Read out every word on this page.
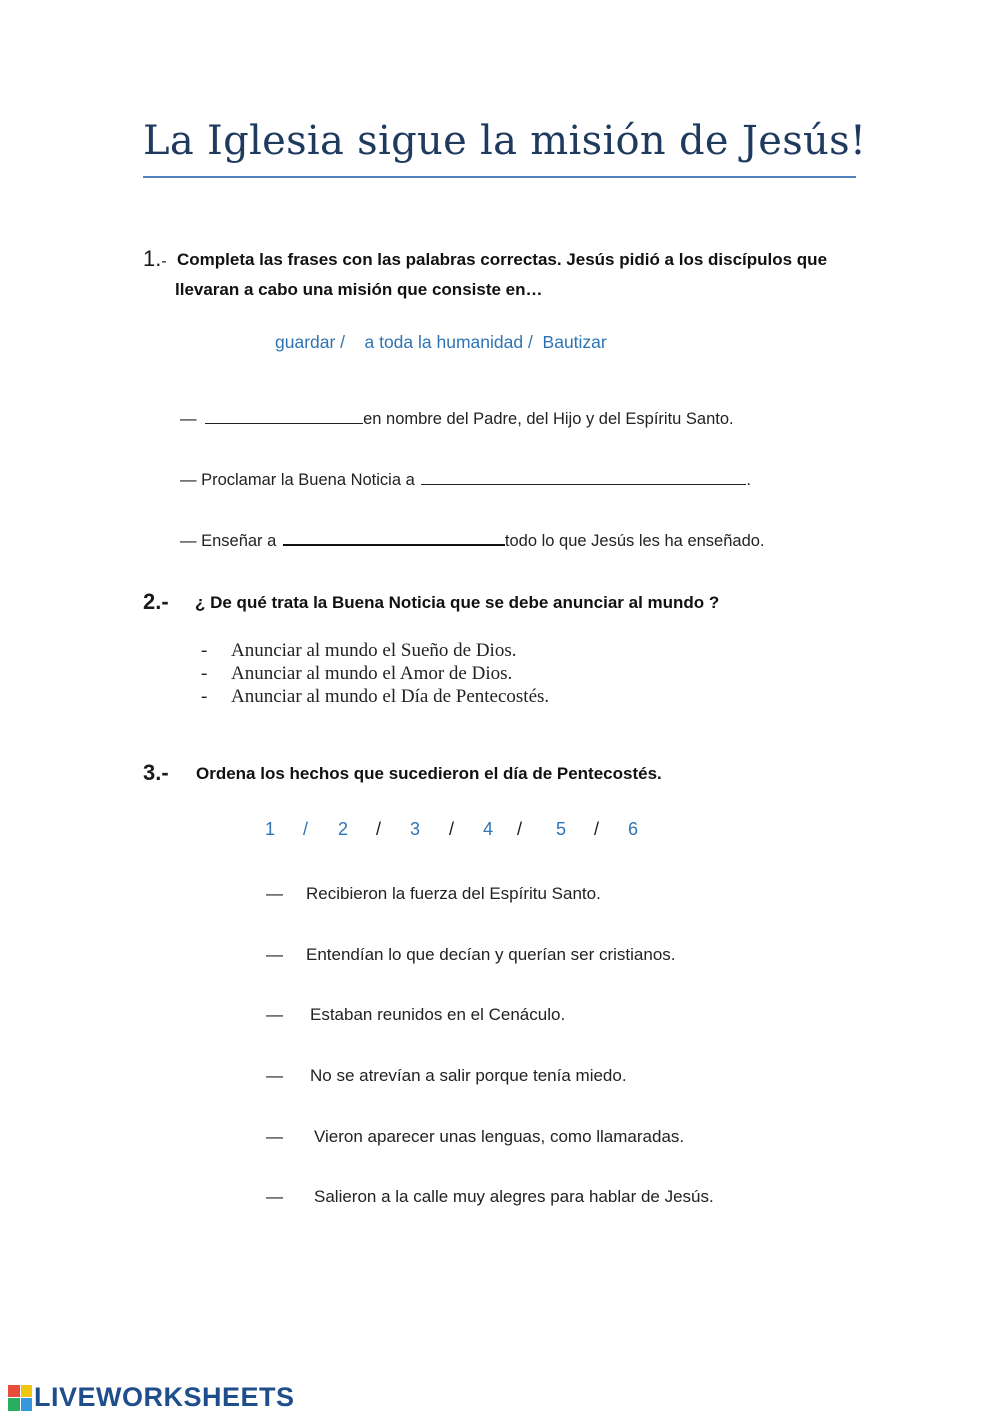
La Iglesia sigue la misión de Jesús!
1.- Completa las frases con las palabras correctas. Jesús pidió a los discípulos que
llevaran a cabo una misión que consiste en…
guardar /    a toda la humanidad /  Bautizar
—	en nombre del Padre, del Hijo y del Espíritu Santo.
— Proclamar la Buena Noticia a	.
— Enseñar a	todo lo que Jesús les ha enseñado.
2.- ¿ De qué trata la Buena Noticia que se debe anunciar al mundo ?
- Anunciar al mundo el Sueño de Dios.
- Anunciar al mundo el Amor de Dios.
- Anunciar al mundo el Día de Pentecostés.
3.- Ordena los hechos que sucedieron el día de Pentecostés.
1 / 2 / 3 / 4 / 5 / 6
— Recibieron la fuerza del Espíritu Santo.
— Entendían lo que decían y querían ser cristianos.
— Estaban reunidos en el Cenáculo.
— No se atrevían a salir porque tenía miedo.
— Vieron aparecer unas lenguas, como llamaradas.
— Salieron a la calle muy alegres para hablar de Jesús.
LIVEWORKSHEETS
